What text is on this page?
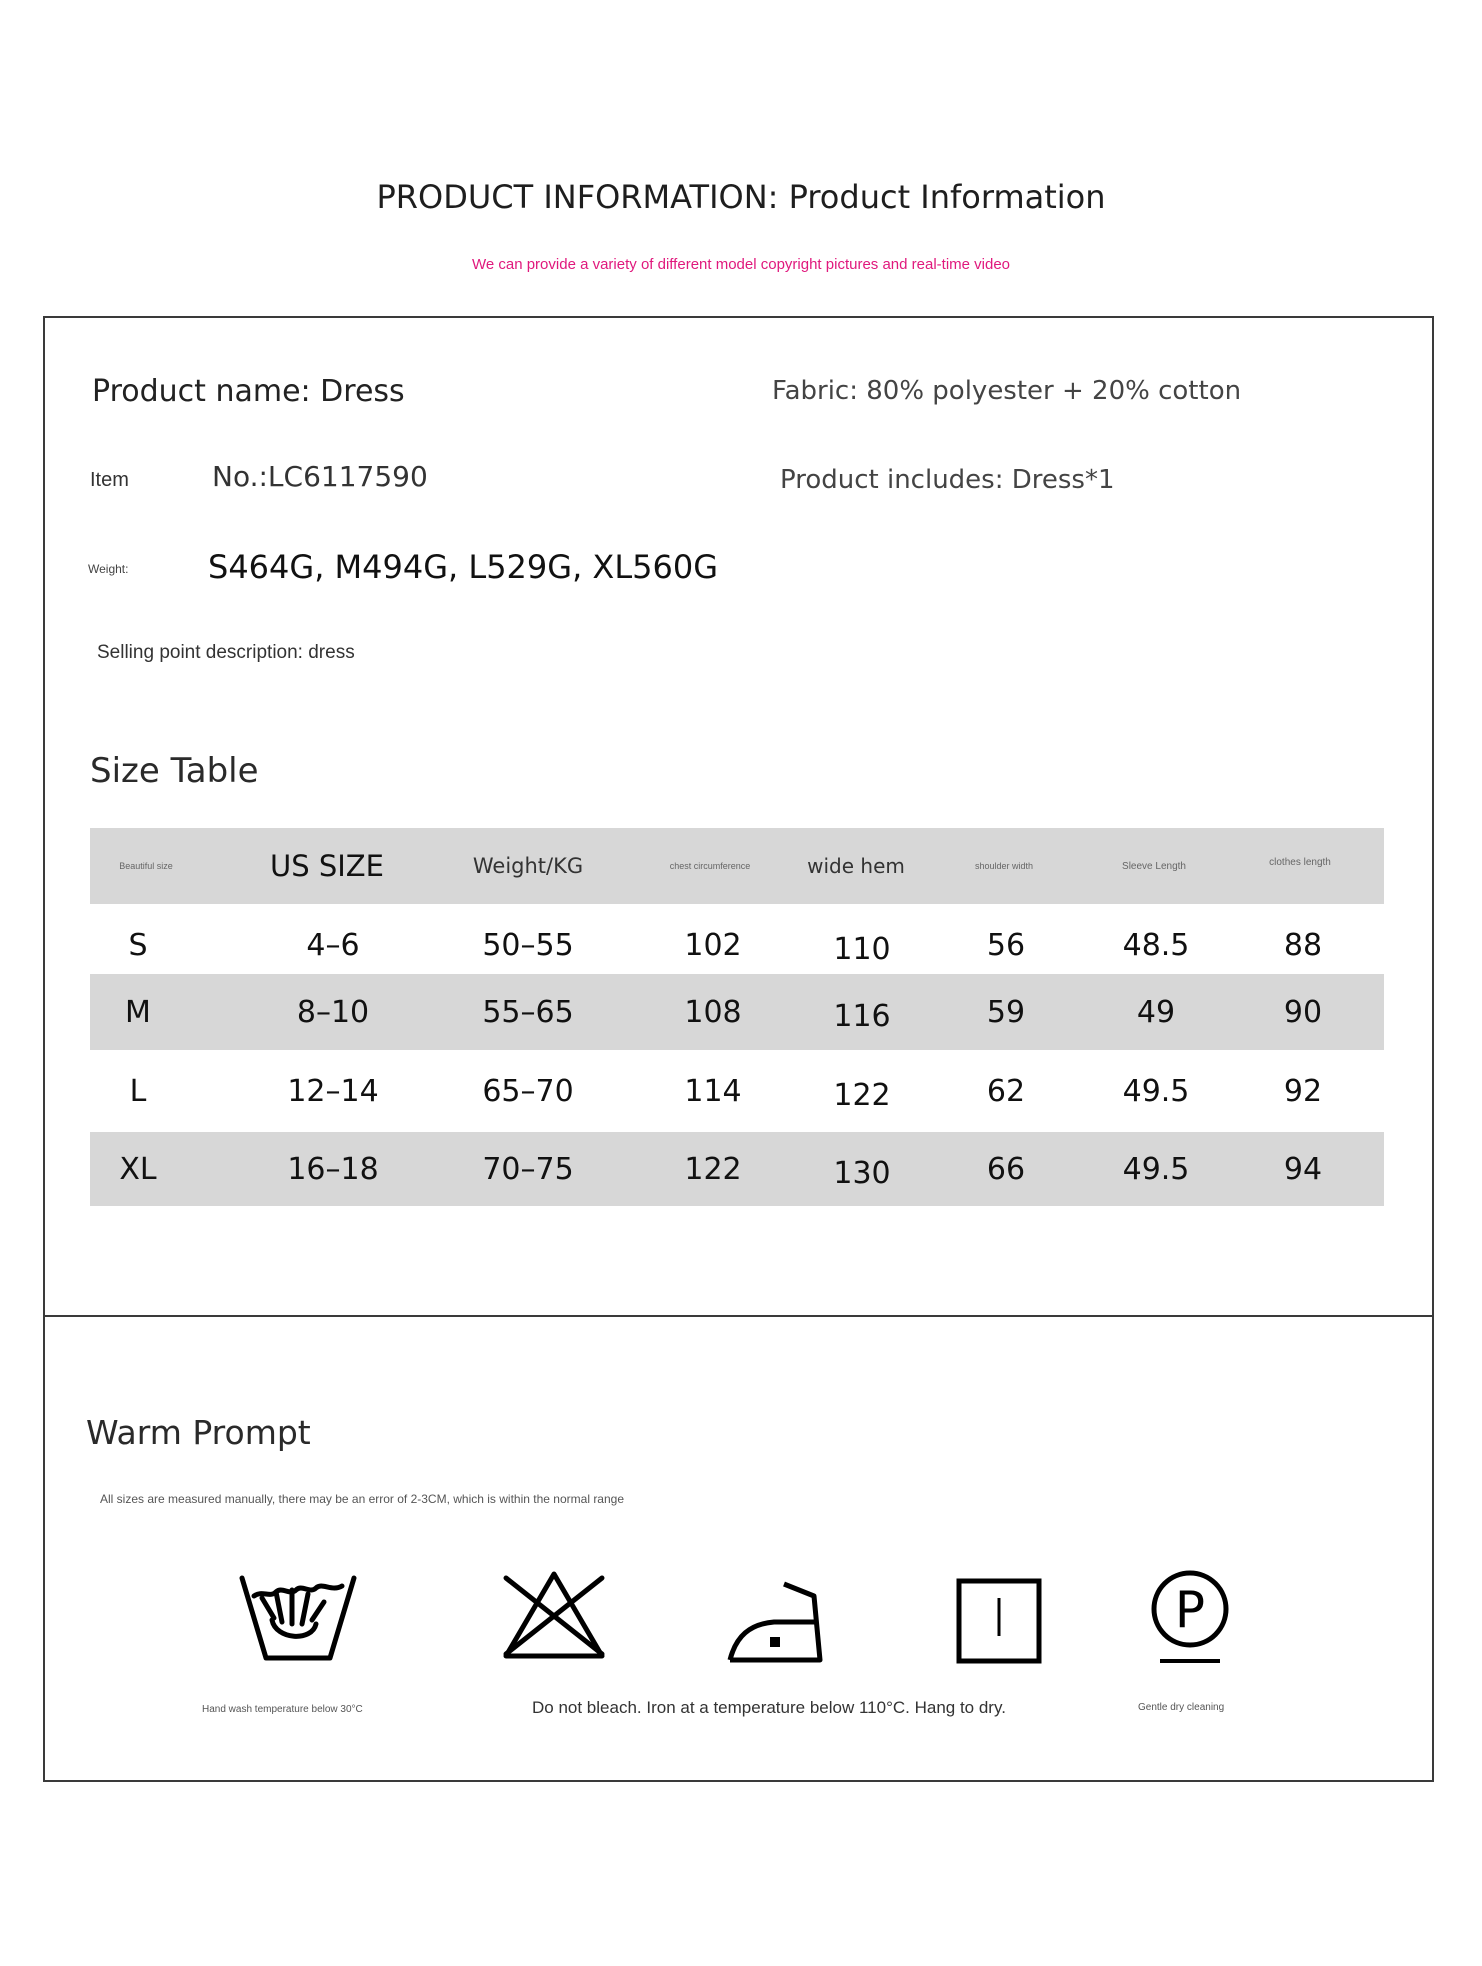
PRODUCT INFORMATION: Product Information
We can provide a variety of different model copyright pictures and real-time video
Product name: Dress	Fabric: 80% polyester + 20% cotton
Item	No.:LC6117590	Product includes: Dress*1
Weight: S464G, M494G, L529G, XL560G
Selling point description: dress
Size Table
Beautiful size	US SIZE	Weight/KG	chest circumference	wide hem	shoulder width	Sleeve Length	clothes length
S	4–6	50–55	102	110	56	48.5	88
M	8–10	55–65	108	116	59	49	90
L	12–14	65–70	114	122	62	49.5	92
XL	16–18	70–75	122	130	66	49.5	94
Warm Prompt
All sizes are measured manually, there may be an error of 2-3CM, which is within the normal range
P
Hand wash temperature below 30°C	Do not bleach. Iron at a temperature below 110°C. Hang to dry.	Gentle dry cleaning
